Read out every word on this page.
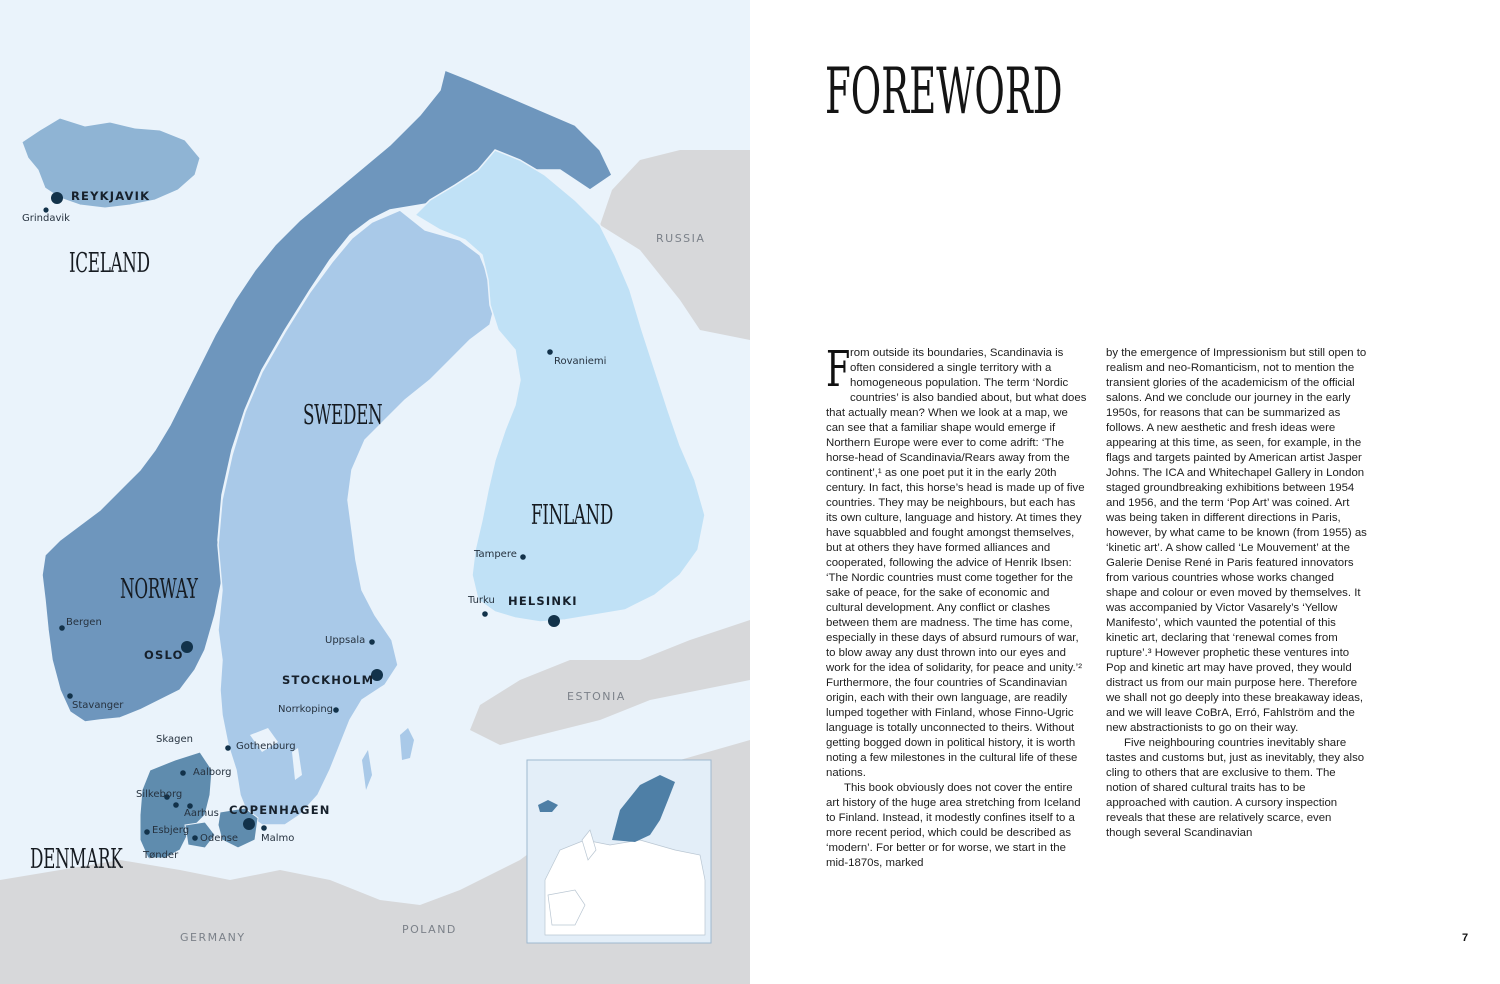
ICELAND
SWEDEN
FINLAND
NORWAY
DENMARK
RUSSIA
ESTONIA
GERMANY
POLAND
REYKJAVIK
HELSINKI
OSLO
STOCKHOLM
COPENHAGEN
Grindavik
Rovaniemi
Tampere
Turku
Uppsala
Bergen
Stavanger	Norrkoping
Gothenburg
Skagen
Aalborg
Silkeborg
Aarhus
Esbjerg
Odense
Tønder
Malmo
FOREWORD
F rom outside its boundaries, Scandinavia is often considered a single territory with a homogeneous population. The term ‘Nordic countries’ is also bandied about, but what does that actually mean? When we look at a map, we can see that a familiar shape would emerge if Northern Europe were ever to come adrift: ‘The horse-head of Scandinavia/Rears away from the continent’,¹ as one poet put it in the early 20th century. In fact, this horse’s head is made up of five countries. They may be neighbours, but each has its own culture, language and history. At times they have squabbled and fought amongst themselves, but at others they have formed alliances and cooperated, following the advice of Henrik Ibsen: ‘The Nordic countries must come together for the sake of peace, for the sake of economic and cultural development. Any conflict or clashes between them are madness. The time has come, especially in these days of absurd rumours of war, to blow away any dust thrown into our eyes and work for the idea of solidarity, for peace and unity.’² Furthermore, the four countries of Scandinavian origin, each with their own language, are readily lumped together with Finland, whose Finno-Ugric language is totally unconnected to theirs. Without getting bogged down in political history, it is worth noting a few milestones in the cultural life of these nations.

This book obviously does not cover the entire art history of the huge area stretching from Iceland to Finland. Instead, it modestly confines itself to a more recent period, which could be described as ‘modern’. For better or for worse, we start in the mid-1870s, marked

by the emergence of Impressionism but still open to realism and neo-Romanticism, not to mention the transient glories of the academicism of the official salons. And we conclude our journey in the early 1950s, for reasons that can be summarized as follows. A new aesthetic and fresh ideas were appearing at this time, as seen, for example, in the flags and targets painted by American artist Jasper Johns. The ICA and Whitechapel Gallery in London staged groundbreaking exhibitions between 1954 and 1956, and the term ‘Pop Art’ was coined. Art was being taken in different directions in Paris, however, by what came to be known (from 1955) as ‘kinetic art’. A show called ‘Le Mouvement’ at the Galerie Denise René in Paris featured innovators from various countries whose works changed shape and colour or even moved by themselves. It was accompanied by Victor Vasarely’s ‘Yellow Manifesto’, which vaunted the potential of this kinetic art, declaring that ‘renewal comes from rupture’.³ However prophetic these ventures into Pop and kinetic art may have proved, they would distract us from our main purpose here. Therefore we shall not go deeply into these breakaway ideas, and we will leave CoBrA, Erró, Fahlström and the new abstractionists to go on their way.

Five neighbouring countries inevitably share tastes and customs but, just as inevitably, they also cling to others that are exclusive to them. The notion of shared cultural traits has to be approached with caution. A cursory inspection reveals that these are relatively scarce, even though several Scandinavian

7
